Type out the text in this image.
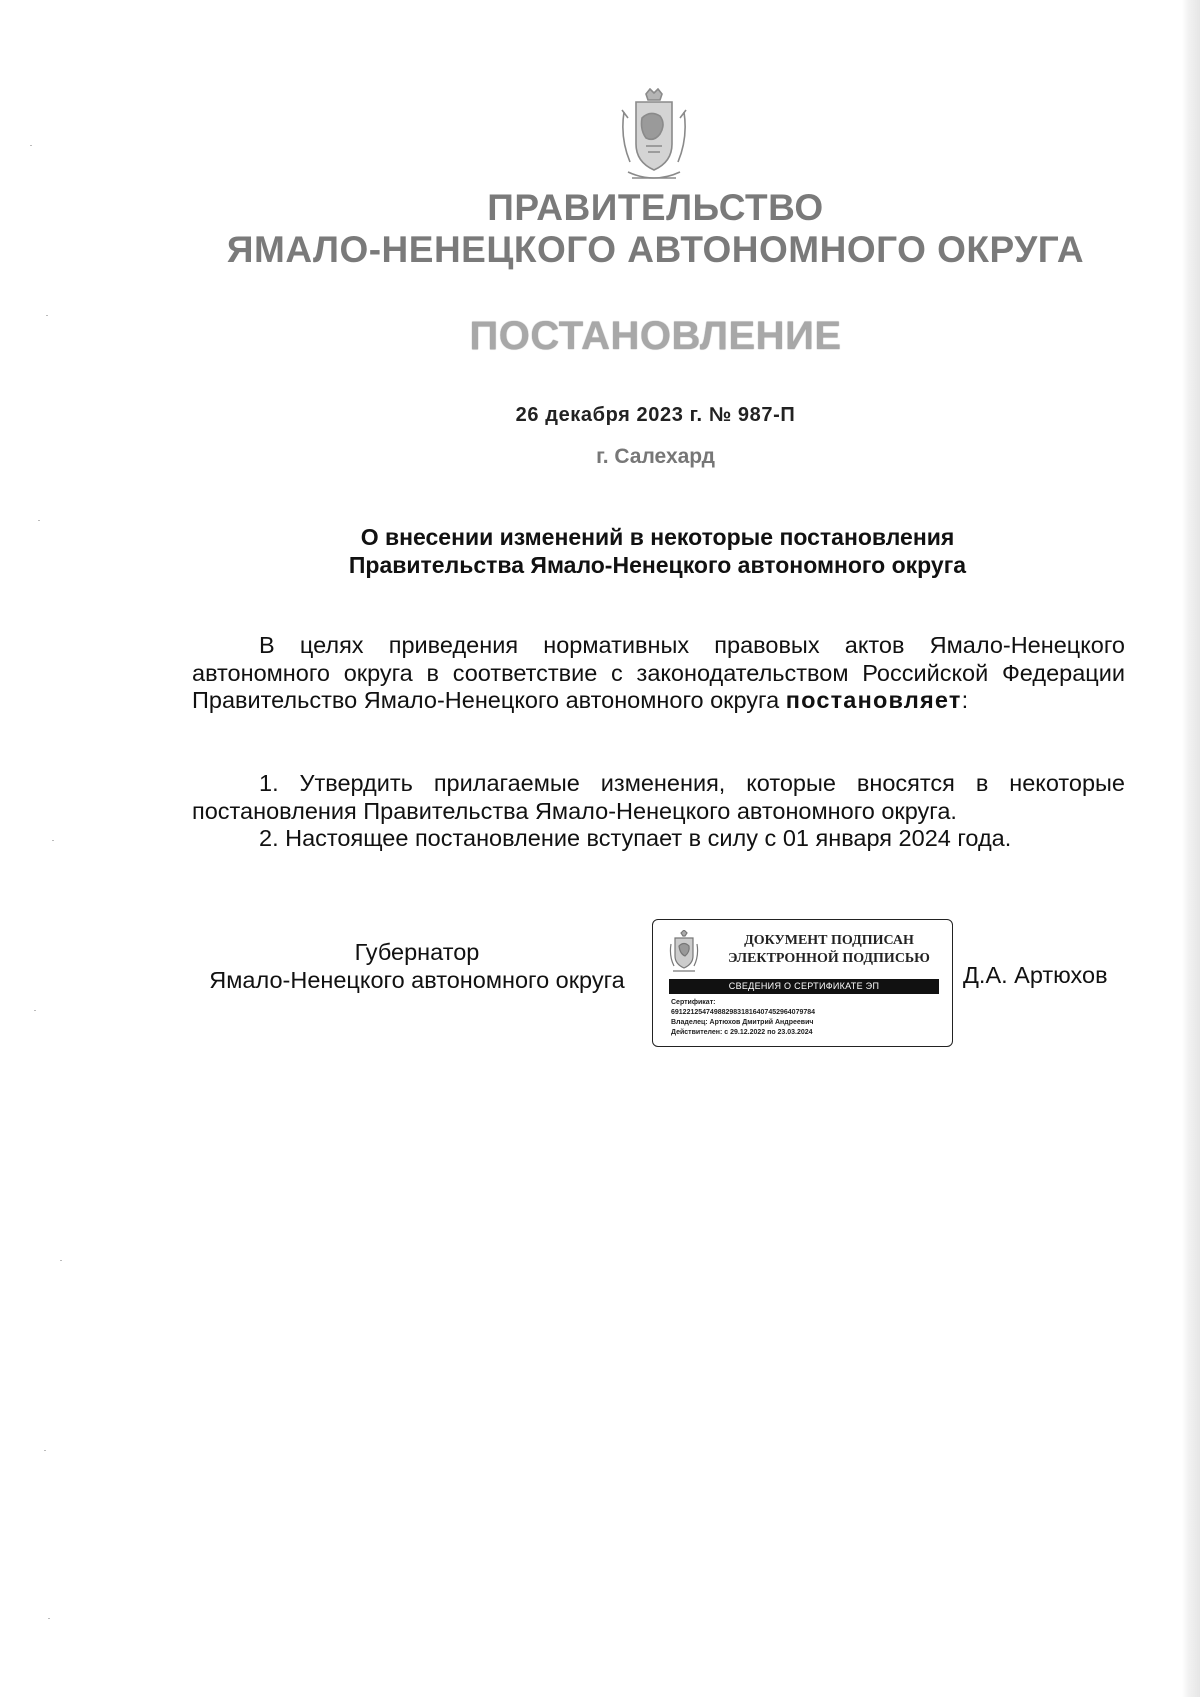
ПРАВИТЕЛЬСТВО
ЯМАЛО-НЕНЕЦКОГО АВТОНОМНОГО ОКРУГА
ПОСТАНОВЛЕНИЕ
26 декабря 2023 г. № 987-П
г. Салехард
О внесении изменений в некоторые постановления
Правительства Ямало-Ненецкого автономного округа

В целях приведения нормативных правовых актов Ямало-Ненецкого автономного округа в соответствие с законодательством Российской Федерации Правительство Ямало-Ненецкого автономного округа постановляет:

1. Утвердить прилагаемые изменения, которые вносятся в некоторые постановления Правительства Ямало-Ненецкого автономного округа.

2. Настоящее постановление вступает в силу с 01 января 2024 года.

Губернатор
Ямало-Ненецкого автономного округа
ДОКУМЕНТ ПОДПИСАН
ЭЛЕКТРОННОЙ ПОДПИСЬЮ
СВЕДЕНИЯ О СЕРТИФИКАТЕ ЭП
Сертификат:
6912212547498829831816407452964079784
Владелец: Артюхов Дмитрий Андреевич
Действителен: с 29.12.2022 по 23.03.2024
Д.А. Артюхов
